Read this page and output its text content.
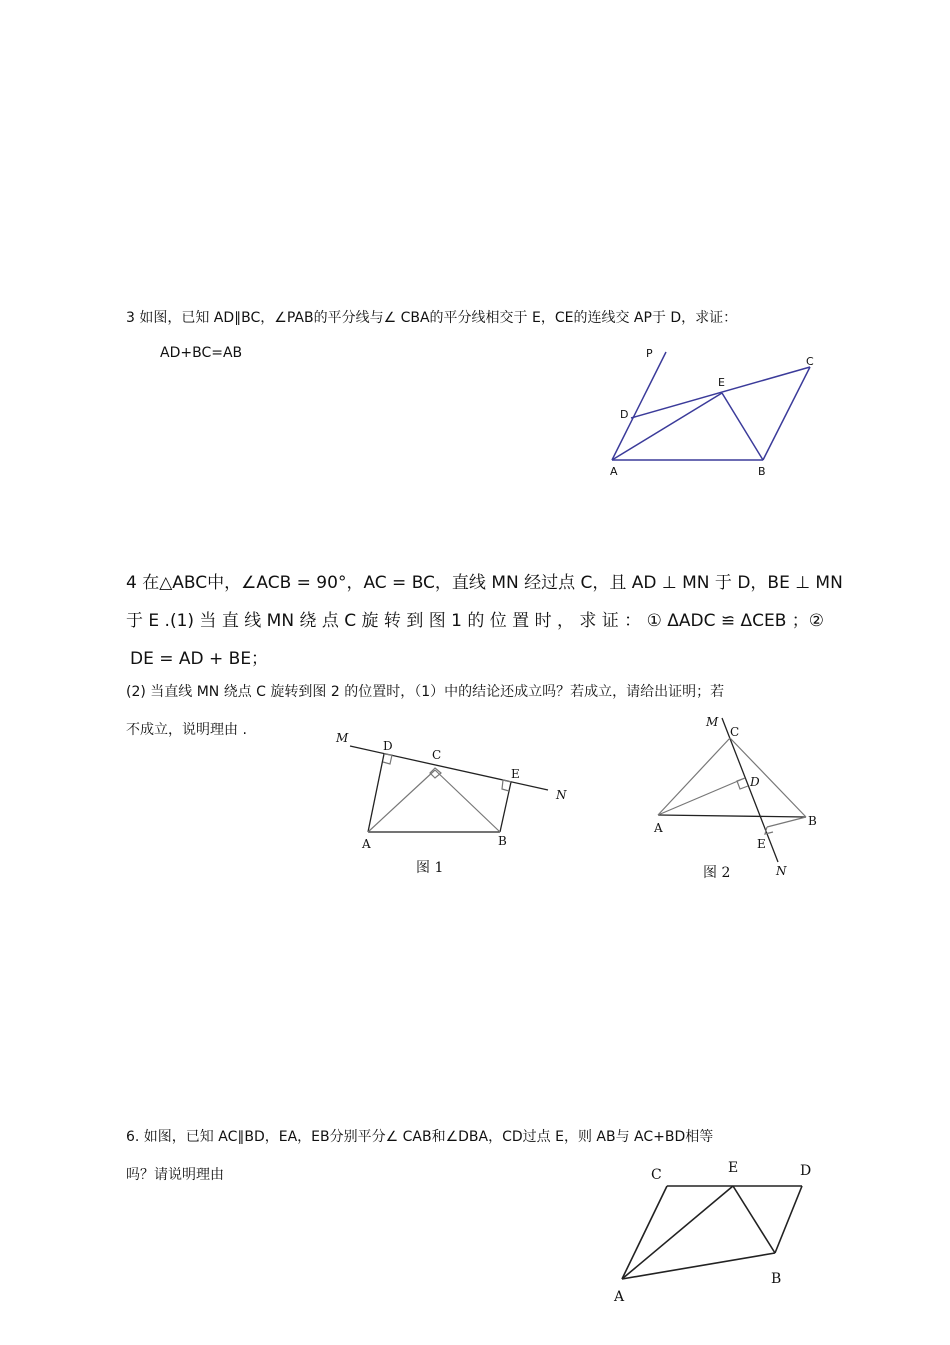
3 如图，已知 AD∥BC，∠PAB的平分线与∠ CBA的平分线相交于 E，CE的连线交 AP于 D，求证：
AD+BC=AB	P
C
E
D
A	B
4 在△ABC中，∠ACB = 90°，AC = BC，直线 MN 经过点 C，且 AD ⊥ MN 于 D，BE ⊥ MN
于 E .(1) 当 直 线 MN 绕 点 C 旋 转 到 图 1 的 位 置 时 ， 求 证 ： ① ΔADC ≌ ΔCEB ；②
DE = AD + BE；
(2) 当直线 MN 绕点 C 旋转到图 2 的位置时，（1）中的结论还成立吗？若成立，请给出证明；若
不成立，说明理由 .	M
D
C
E
N
A	B
图 1
M
C
D
A	B
E
N
图 2
6. 如图，已知 AC∥BD，EA，EB分别平分∠ CAB和∠DBA，CD过点 E，则 AB与 AC+BD相等
吗？请说明理由	C	E	D
A
B
